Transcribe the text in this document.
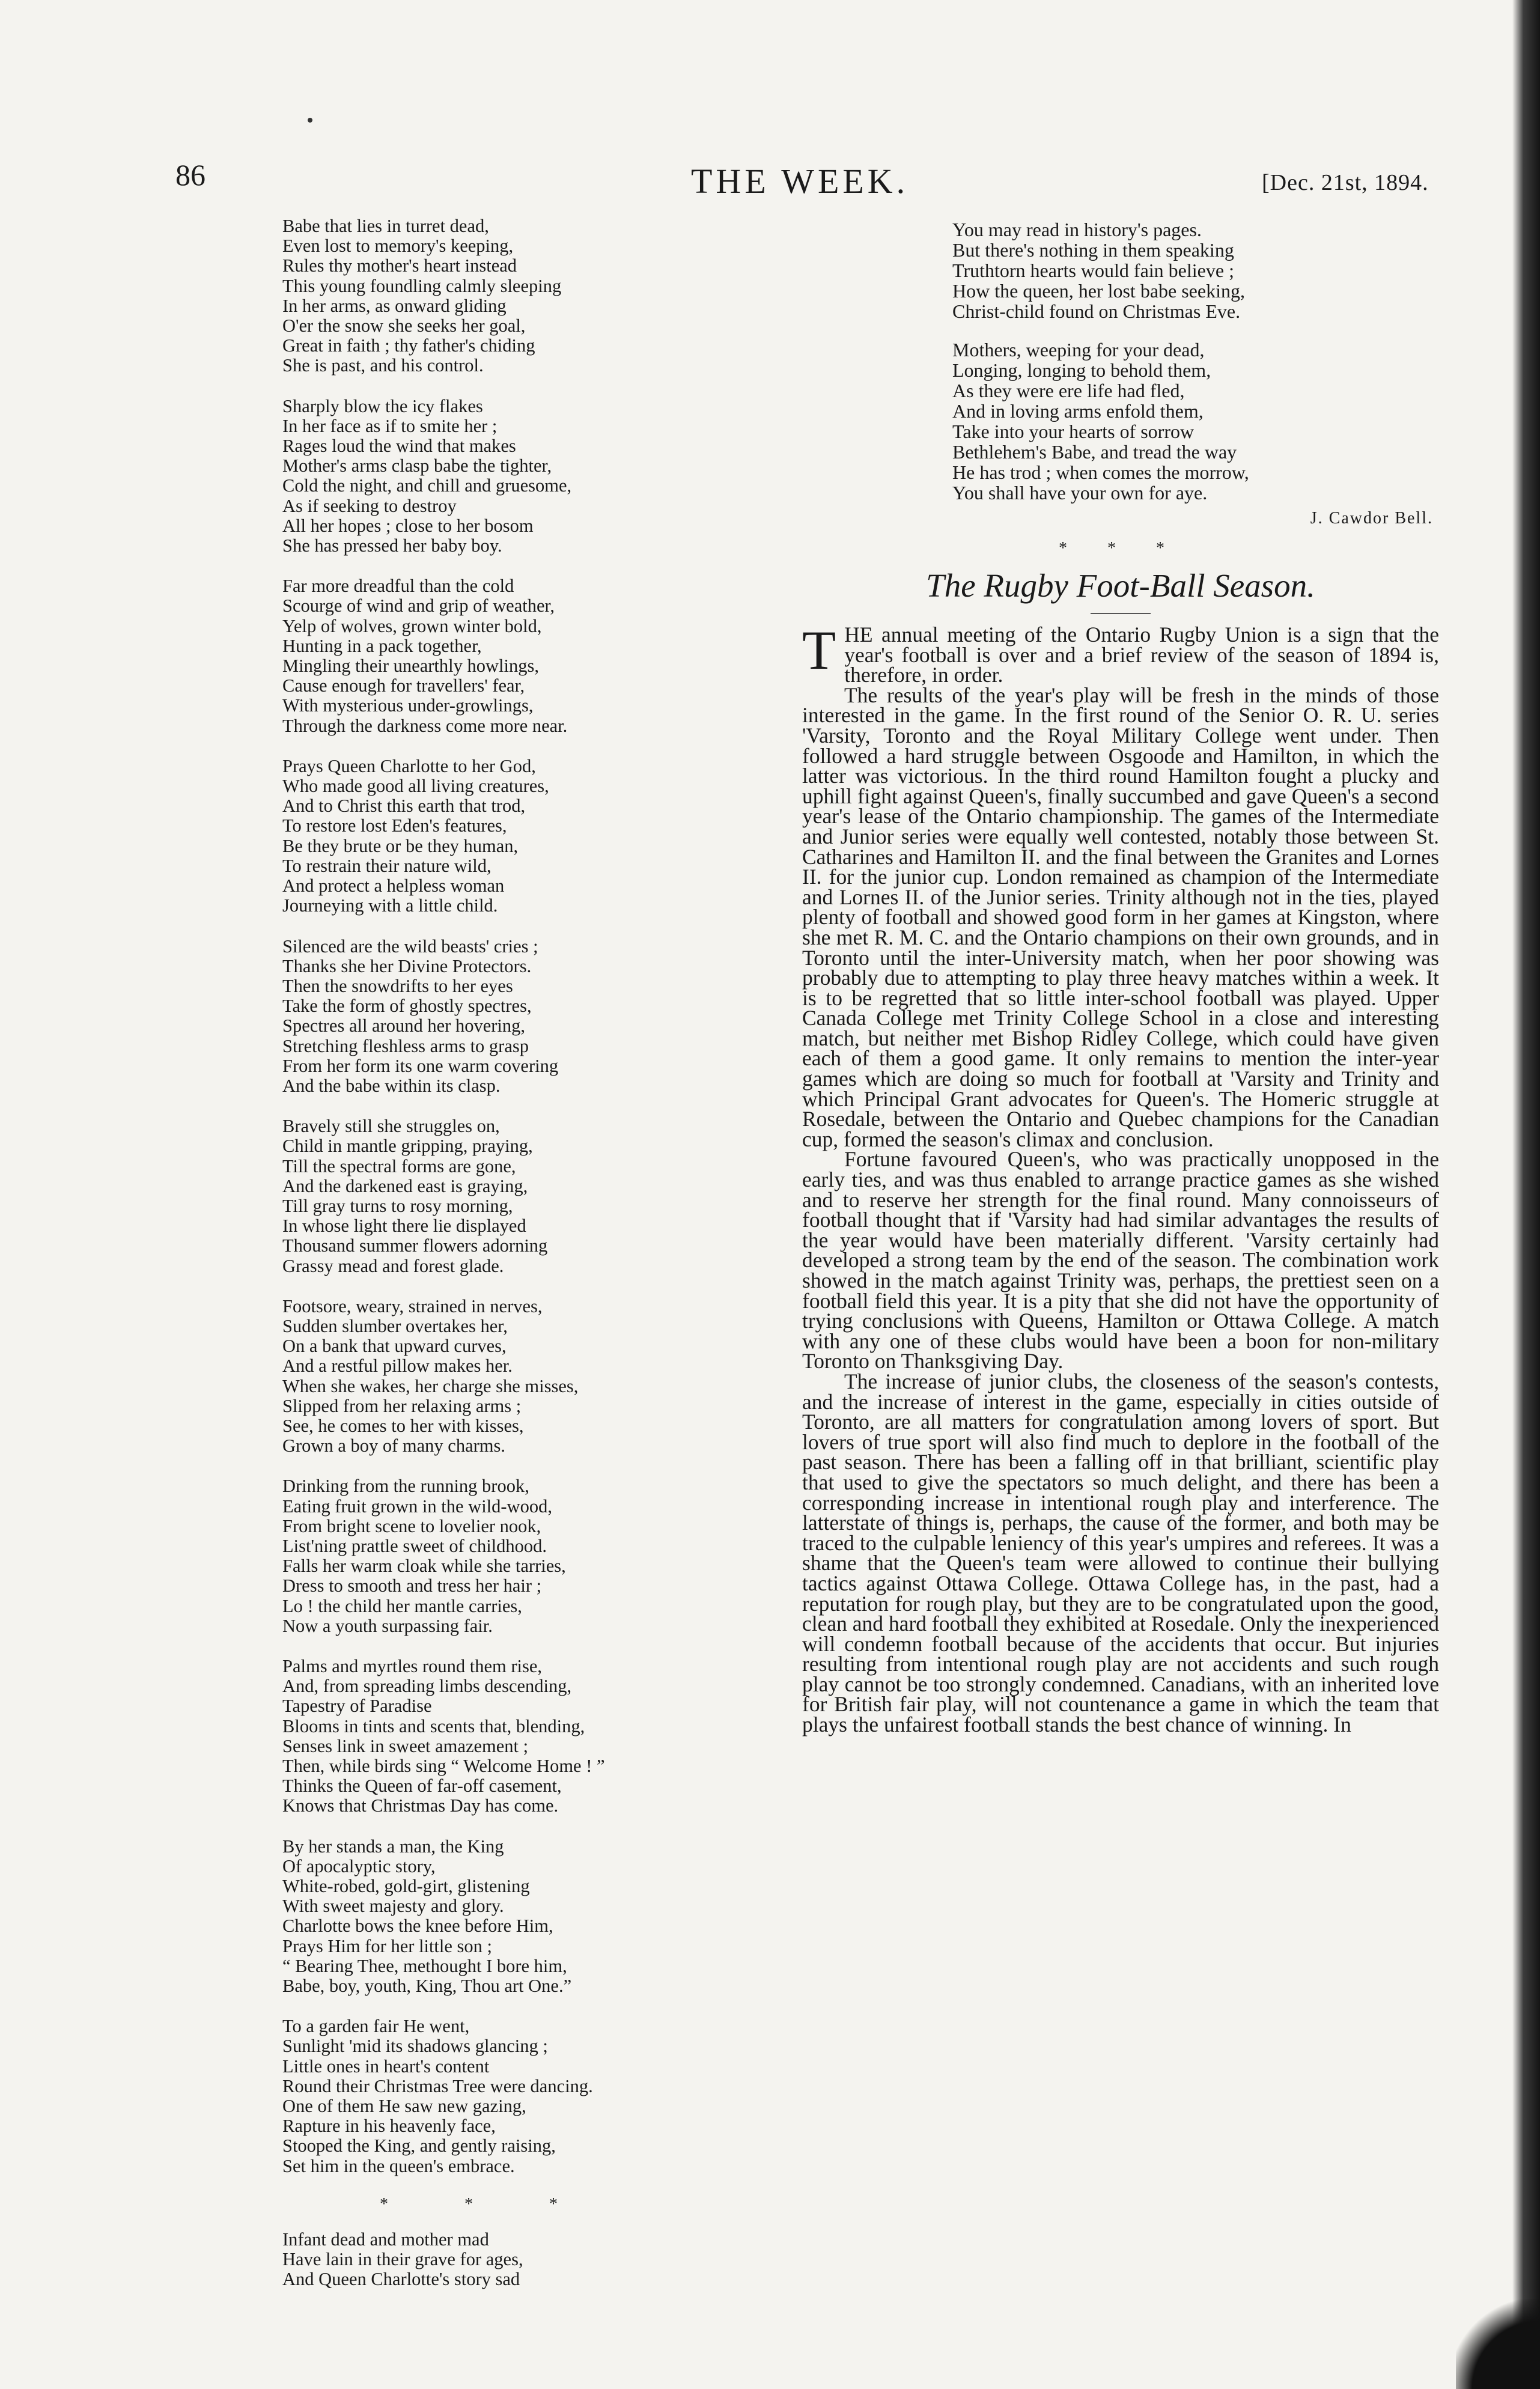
86	THE WEEK.	[Dec. 21st, 1894.
Babe that lies in turret dead,
Even lost to memory's keeping,
Rules thy mother's heart instead
This young foundling calmly sleeping
In her arms, as onward gliding
O'er the snow she seeks her goal,
Great in faith ; thy father's chiding
She is past, and his control.
Sharply blow the icy flakes
In her face as if to smite her ;
Rages loud the wind that makes
Mother's arms clasp babe the tighter,
Cold the night, and chill and gruesome,
As if seeking to destroy
All her hopes ; close to her bosom
She has pressed her baby boy.
Far more dreadful than the cold
Scourge of wind and grip of weather,
Yelp of wolves, grown winter bold,
Hunting in a pack together,
Mingling their unearthly howlings,
Cause enough for travellers' fear,
With mysterious under-growlings,
Through the darkness come more near.
Prays Queen Charlotte to her God,
Who made good all living creatures,
And to Christ this earth that trod,
To restore lost Eden's features,
Be they brute or be they human,
To restrain their nature wild,
And protect a helpless woman
Journeying with a little child.
Silenced are the wild beasts' cries ;
Thanks she her Divine Protectors.
Then the snowdrifts to her eyes
Take the form of ghostly spectres,
Spectres all around her hovering,
Stretching fleshless arms to grasp
From her form its one warm covering
And the babe within its clasp.
Bravely still she struggles on,
Child in mantle gripping, praying,
Till the spectral forms are gone,
And the darkened east is graying,
Till gray turns to rosy morning,
In whose light there lie displayed
Thousand summer flowers adorning
Grassy mead and forest glade.
Footsore, weary, strained in nerves,
Sudden slumber overtakes her,
On a bank that upward curves,
And a restful pillow makes her.
When she wakes, her charge she misses,
Slipped from her relaxing arms ;
See, he comes to her with kisses,
Grown a boy of many charms.
Drinking from the running brook,
Eating fruit grown in the wild-wood,
From bright scene to lovelier nook,
List'ning prattle sweet of childhood.
Falls her warm cloak while she tarries,
Dress to smooth and tress her hair ;
Lo ! the child her mantle carries,
Now a youth surpassing fair.
Palms and myrtles round them rise,
And, from spreading limbs descending,
Tapestry of Paradise
Blooms in tints and scents that, blending,
Senses link in sweet amazement ;
Then, while birds sing “ Welcome Home ! ”
Thinks the Queen of far-off casement,
Knows that Christmas Day has come.
By her stands a man, the King
Of apocalyptic story,
White-robed, gold-girt, glistening
With sweet majesty and glory.
Charlotte bows the knee before Him,
Prays Him for her little son ;
“ Bearing Thee, methought I bore him,
Babe, boy, youth, King, Thou art One.”
To a garden fair He went,
Sunlight 'mid its shadows glancing ;
Little ones in heart's content
Round their Christmas Tree were dancing.
One of them He saw new gazing,
Rapture in his heavenly face,
Stooped the King, and gently raising,
Set him in the queen's embrace.
* * *
Infant dead and mother mad
Have lain in their grave for ages,
And Queen Charlotte's story sad
You may read in history's pages.
But there's nothing in them speaking
Truthtorn hearts would fain believe ;
How the queen, her lost babe seeking,
Christ-child found on Christmas Eve.
Mothers, weeping for your dead,
Longing, longing to behold them,
As they were ere life had fled,
And in loving arms enfold them,
Take into your hearts of sorrow
Bethlehem's Babe, and tread the way
He has trod ; when comes the morrow,
You shall have your own for aye.
J. Cawdor Bell.
* * *
The Rugby Foot-Ball Season.

THE annual meeting of the Ontario Rugby Union is a sign that the year's football is over and a brief review of the season of 1894 is, therefore, in order.

The results of the year's play will be fresh in the minds of those interested in the game. In the first round of the Senior O. R. U. series 'Varsity, Toronto and the Royal Military College went under. Then followed a hard struggle between Osgoode and Hamilton, in which the latter was victorious. In the third round Hamilton fought a plucky and uphill fight against Queen's, finally succumbed and gave Queen's a second year's lease of the Ontario championship. The games of the Intermediate and Junior series were equally well contested, notably those between St. Catharines and Hamilton II. and the final between the Granites and Lornes II. for the junior cup. London remained as champion of the Intermediate and Lornes II. of the Junior series. Trinity although not in the ties, played plenty of football and showed good form in her games at Kingston, where she met R. M. C. and the Ontario champions on their own grounds, and in Toronto until the inter-University match, when her poor showing was probably due to attempting to play three heavy matches within a week. It is to be regretted that so little inter-school football was played. Upper Canada College met Trinity College School in a close and interesting match, but neither met Bishop Ridley College, which could have given each of them a good game. It only remains to mention the inter-year games which are doing so much for football at 'Varsity and Trinity and which Principal Grant advocates for Queen's. The Homeric struggle at Rosedale, between the Ontario and Quebec champions for the Canadian cup, formed the season's climax and conclusion.

Fortune favoured Queen's, who was practically unopposed in the early ties, and was thus enabled to arrange practice games as she wished and to reserve her strength for the final round. Many connoisseurs of football thought that if 'Varsity had had similar advantages the results of the year would have been materially different. 'Varsity certainly had developed a strong team by the end of the season. The combination work showed in the match against Trinity was, perhaps, the prettiest seen on a football field this year. It is a pity that she did not have the opportunity of trying conclusions with Queens, Hamilton or Ottawa College. A match with any one of these clubs would have been a boon for non-military Toronto on Thanksgiving Day.

The increase of junior clubs, the closeness of the season's contests, and the increase of interest in the game, especially in cities outside of Toronto, are all matters for congratulation among lovers of sport. But lovers of true sport will also find much to deplore in the football of the past season. There has been a falling off in that brilliant, scientific play that used to give the spectators so much delight, and there has been a corresponding increase in intentional rough play and interference. The latterstate of things is, perhaps, the cause of the former, and both may be traced to the culpable leniency of this year's umpires and referees. It was a shame that the Queen's team were allowed to continue their bullying tactics against Ottawa College. Ottawa College has, in the past, had a reputation for rough play, but they are to be congratulated upon the good, clean and hard football they exhibited at Rosedale. Only the inexperienced will condemn football because of the accidents that occur. But injuries resulting from intentional rough play are not accidents and such rough play cannot be too strongly condemned. Canadians, with an inherited love for British fair play, will not countenance a game in which the team that plays the unfairest football stands the best chance of winning. In
